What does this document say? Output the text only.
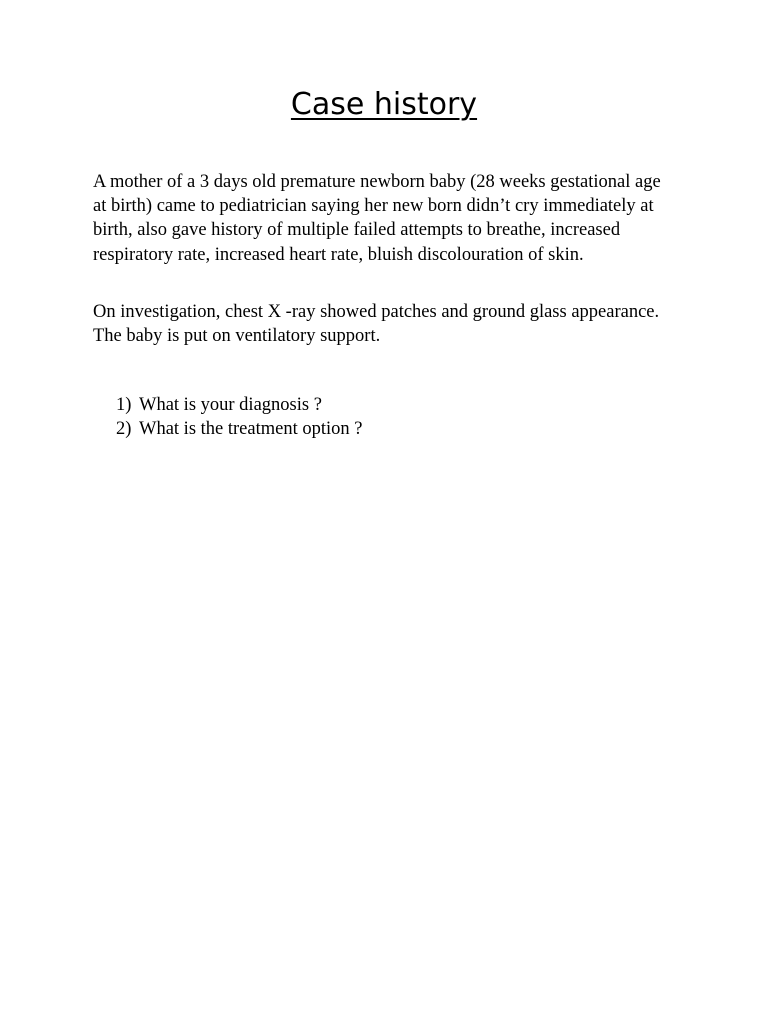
Case history

A mother of a 3 days old premature newborn baby (28 weeks gestational age at birth) came to pediatrician saying her new born didn’t cry immediately at birth, also gave history of multiple failed attempts to breathe, increased respiratory rate, increased heart rate, bluish discolouration of skin.

On investigation, chest X -ray showed patches and ground glass appearance. The baby is put on ventilatory support.

1) What is your diagnosis ?
2) What is the treatment option ?
